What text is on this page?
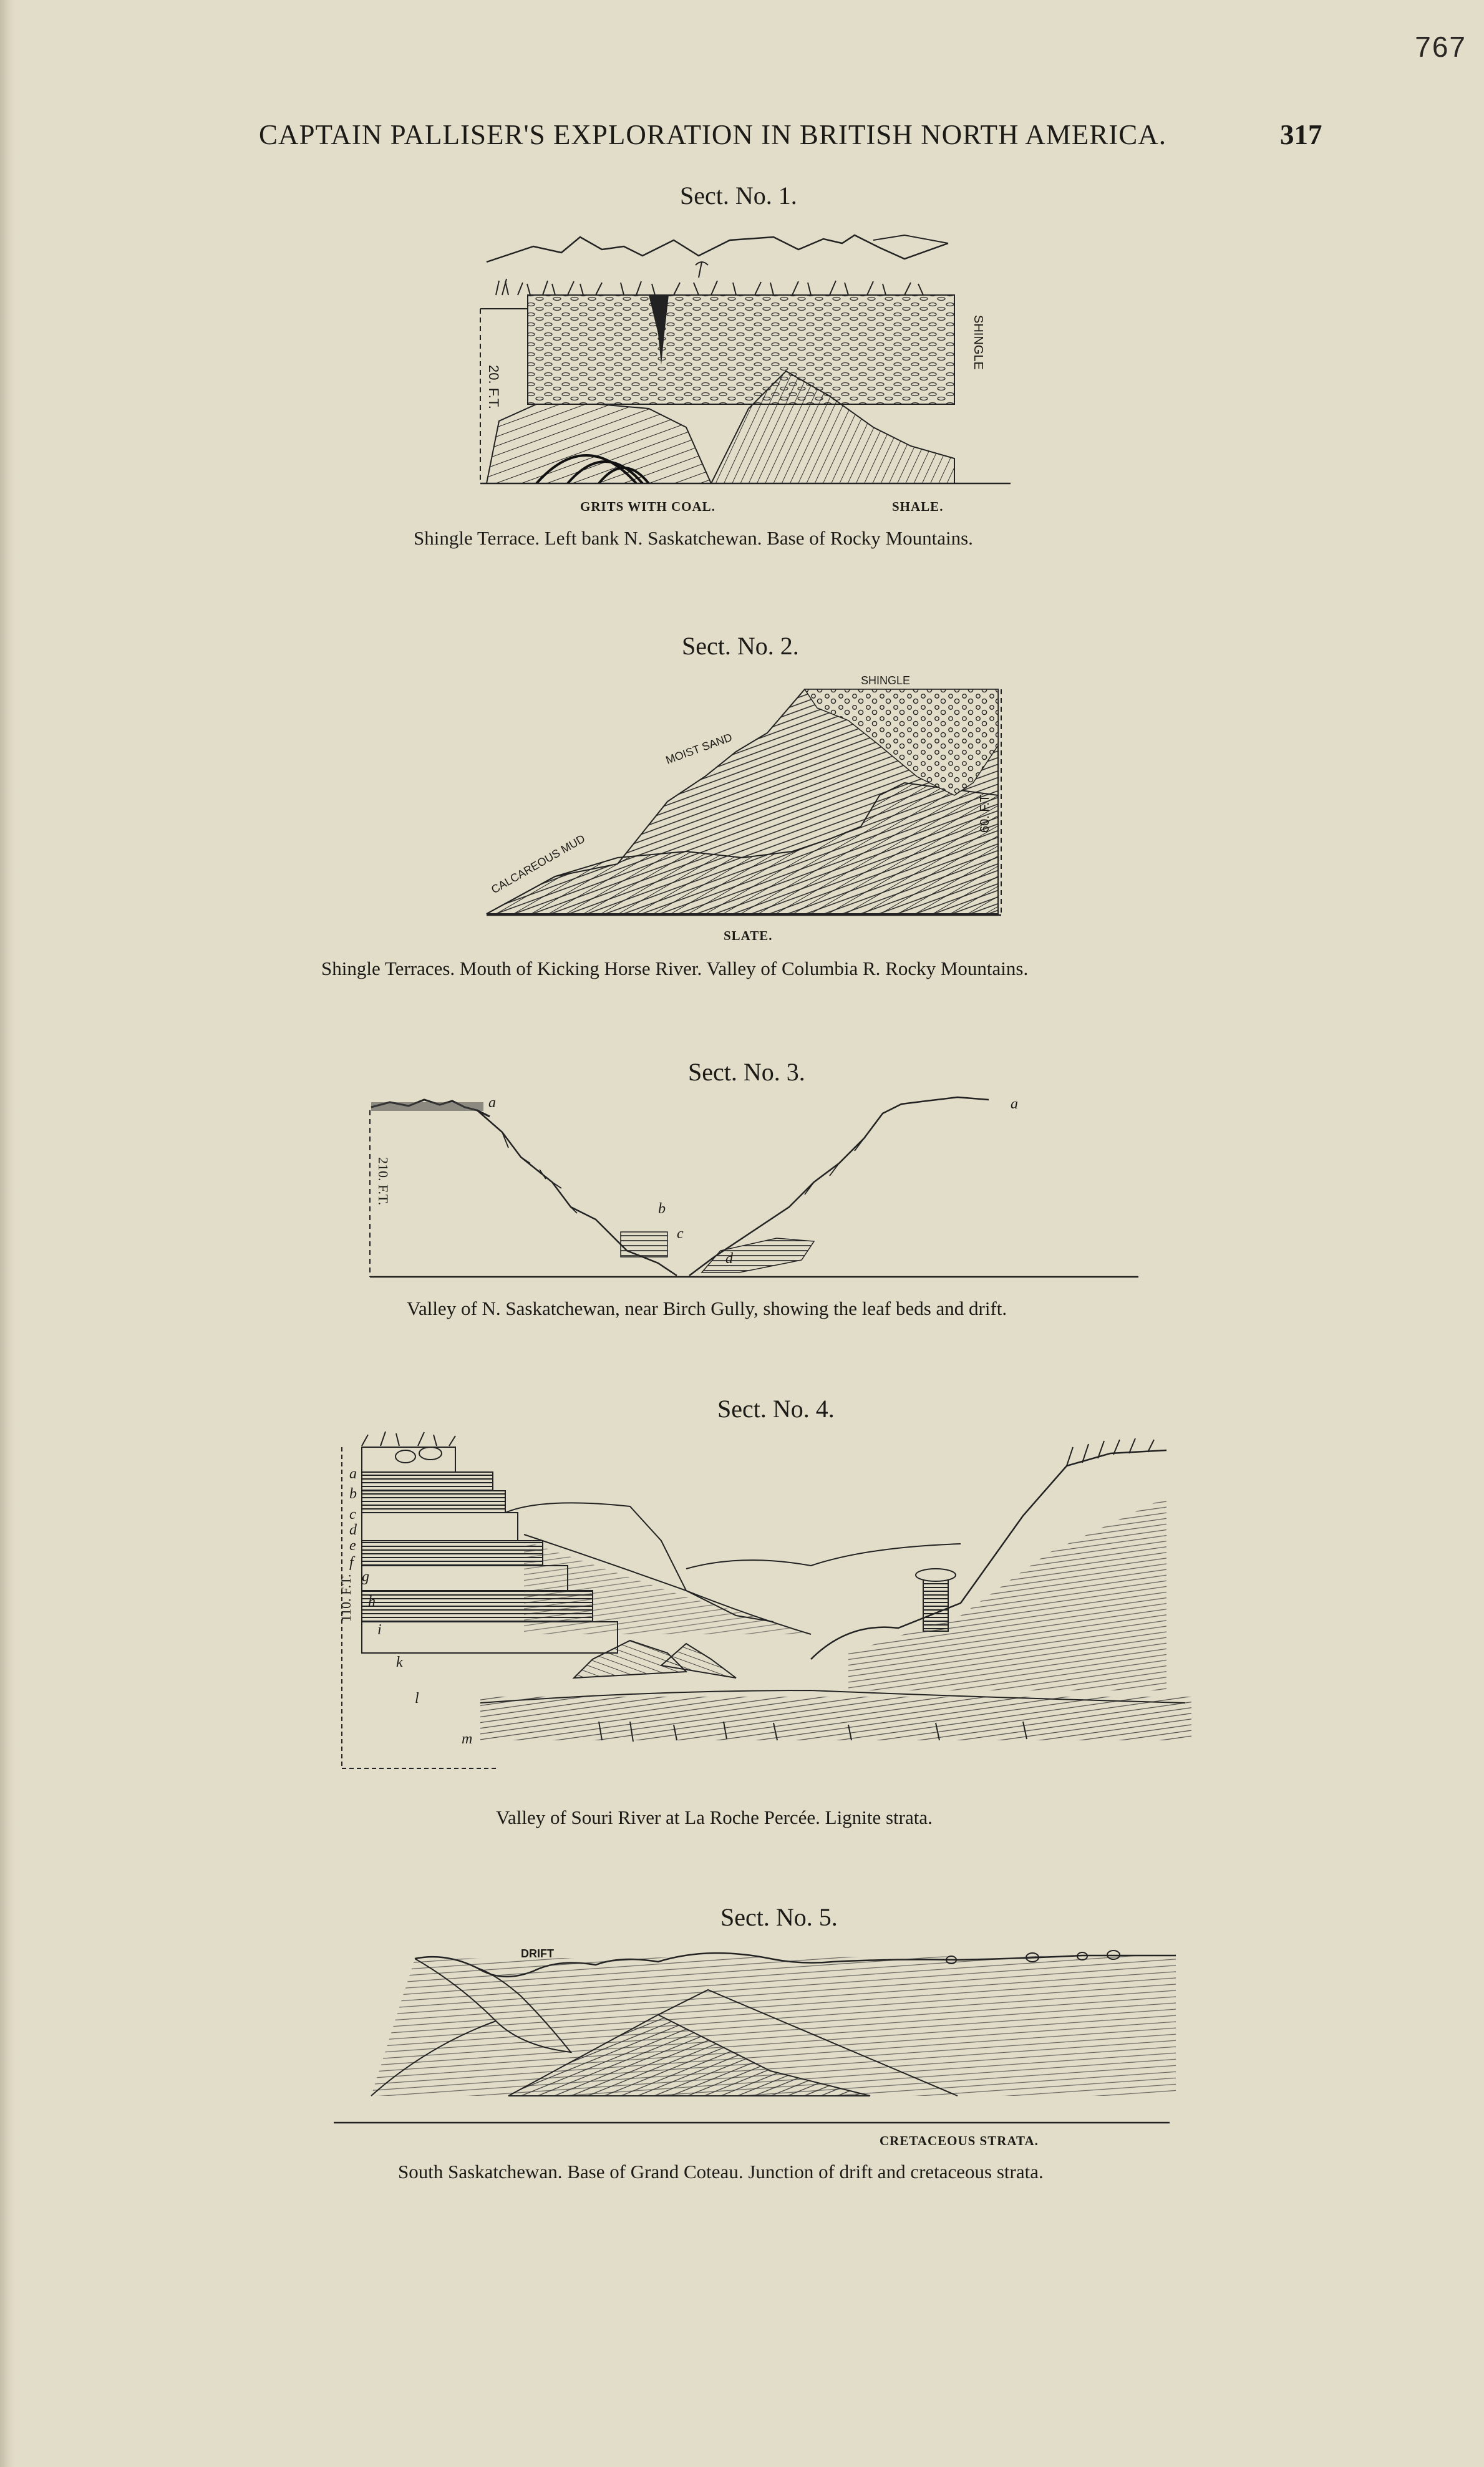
767
CAPTAIN PALLISER'S EXPLORATION IN BRITISH NORTH AMERICA.	317
Sect. No. 1.
20. F.T.
SHINGLE
GRITS WITH COAL.	SHALE.
Shingle Terrace. Left bank N. Saskatchewan. Base of Rocky Mountains.
Sect. No. 2.
SHINGLE
MOIST SAND
CALCAREOUS MUD
60. F.T.
SLATE.
Shingle Terraces. Mouth of Kicking Horse River. Valley of Columbia R. Rocky Mountains.
Sect. No. 3.
210. F.T.
a	a
b
c
d
Valley of N. Saskatchewan, near Birch Gully, showing the leaf beds and drift.
Sect. No. 4.
110. F.T.
a
b
c
d
e
f
g
h
i
k
l
m
Valley of Souri River at La Roche Percée. Lignite strata.
Sect. No. 5.
DRIFT
CRETACEOUS STRATA.
South Saskatchewan. Base of Grand Coteau. Junction of drift and cretaceous strata.
